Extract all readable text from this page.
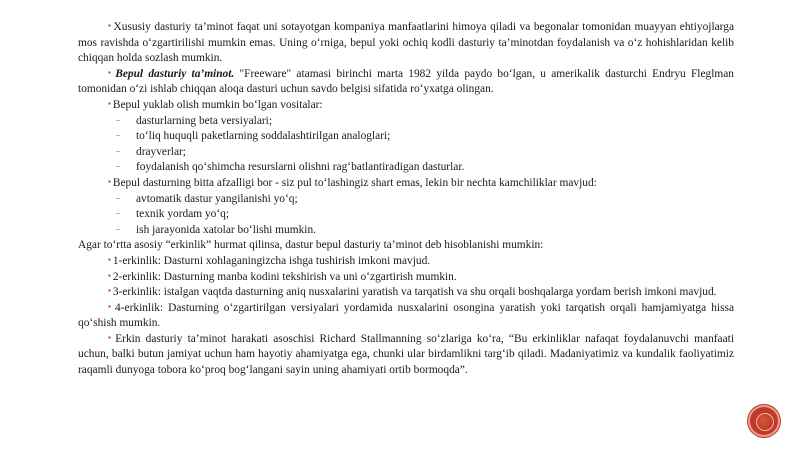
▪ Xususiy dasturiy ta’minot faqat uni sotayotgan kompaniya manfaatlarini himoya qiladi va begonalar tomonidan muayyan ehtiyojlarga mos ravishda o‘zgartirilishi mumkin emas. Uning o‘rniga, bepul yoki ochiq kodli dasturiy ta’minotdan foydalanish va o‘z hohishlaridan kelib chiqqan holda sozlash mumkin.

▪ Bepul dasturiy ta’minot. "Freeware" atamasi birinchi marta 1982 yilda paydo bo‘lgan, u amerikalik dasturchi Endryu Fleglman tomonidan o‘zi ishlab chiqqan aloqa dasturi uchun savdo belgisi sifatida ro‘yxatga olingan.

▪ Bepul yuklab olish mumkin bo‘lgan vositalar:

– dasturlarning beta versiyalari;
– to‘liq huquqli paketlarning soddalashtirilgan analoglari;
– drayverlar;
– foydalanish qo‘shimcha resurslarni olishni rag‘batlantiradigan dasturlar.

▪ Bepul dasturning bitta afzalligi bor - siz pul to‘lashingiz shart emas, lekin bir nechta kamchiliklar mavjud:

– avtomatik dastur yangilanishi yo‘q;
– texnik yordam yo‘q;
– ish jarayonida xatolar bo‘lishi mumkin.

Agar to‘rtta asosiy “erkinlik” hurmat qilinsa, dastur bepul dasturiy ta’minot deb hisoblanishi mumkin:

▪ 1-erkinlik: Dasturni xohlaganingizcha ishga tushirish imkoni mavjud.

▪ 2-erkinlik: Dasturning manba kodini tekshirish va uni o‘zgartirish mumkin.

▪ 3-erkinlik: istalgan vaqtda dasturning aniq nusxalarini yaratish va tarqatish va shu orqali boshqalarga yordam berish imkoni mavjud.

▪ 4-erkinlik: Dasturning o‘zgartirilgan versiyalari yordamida nusxalarini osongina yaratish yoki tarqatish orqali hamjamiyatga hissa qo‘shish mumkin.

▪ Erkin dasturiy ta’minot harakati asoschisi Richard Stallmanning so‘zlariga ko‘ra, “Bu erkinliklar nafaqat foydalanuvchi manfaati uchun, balki butun jamiyat uchun ham hayotiy ahamiyatga ega, chunki ular birdamlikni targ‘ib qiladi. Madaniyatimiz va kundalik faoliyatimiz raqamli dunyoga tobora ko‘proq bog‘langani sayin uning ahamiyati ortib bormoqda”.
